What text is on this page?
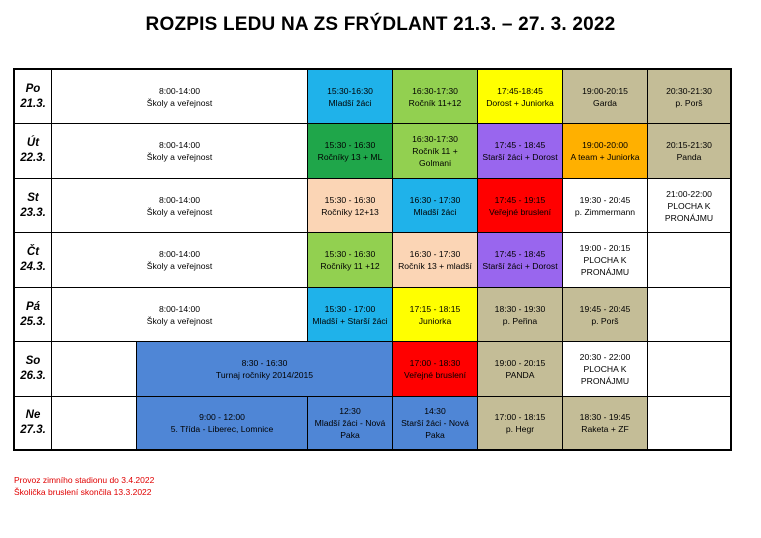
ROZPIS LEDU NA ZS FRÝDLANT 21.3. – 27. 3. 2022
Po
21.3.
Út
22.3.
St
23.3.
Čt
24.3.
Pá
25.3.
So
26.3.
Ne
27.3.
8:00-14:00
Školy a veřejnost
15:30-16:30
Mladší žáci
16:30-17:30
Ročník 11+12
17:45-18:45
Dorost + Juniorka
19:00-20:15
Garda
20:30-21:30
p. Porš
8:00-14:00
Školy a veřejnost
15:30 - 16:30
Ročníky 13 + ML
16:30-17:30
Ročník 11 +
Golmani
17:45 - 18:45
Starší žáci + Dorost
19:00-20:00
A team + Juniorka
20:15-21:30
Panda
8:00-14:00
Školy a veřejnost
15:30 - 16:30
Ročníky 12+13
16:30 - 17:30
Mladší žáci
17:45 - 19:15
Veřejné bruslení
19:30 - 20:45
p. Zimmermann
21:00-22:00
PLOCHA K
PRONÁJMU
8:00-14:00
Školy a veřejnost
15:30 - 16:30
Ročníky 11 +12
16:30 - 17:30
Ročník 13 + mladší
17:45 - 18:45
Starší žáci + Dorost
19:00 - 20:15
PLOCHA K
PRONÁJMU
8:00-14:00
Školy a veřejnost
15:30 - 17:00
Mladší + Starší žáci
17:15 - 18:15
Juniorka
18:30 - 19:30
p. Peřina
19:45 - 20:45
p. Porš
8:30 - 16:30
Turnaj ročníky 2014/2015
17:00 - 18:30
Veřejné bruslení
19:00 - 20:15
PANDA
20:30 - 22:00
PLOCHA K
PRONÁJMU
9:00 - 12:00
5. Třída - Liberec, Lomnice
12:30
Mladší žáci - Nová
Paka
14:30
Starší žáci - Nová
Paka
17:00 - 18:15
p. Hegr
18:30 - 19:45
Raketa + ZF
Provoz zimního stadionu do 3.4.2022
Školička bruslení skončila 13.3.2022
